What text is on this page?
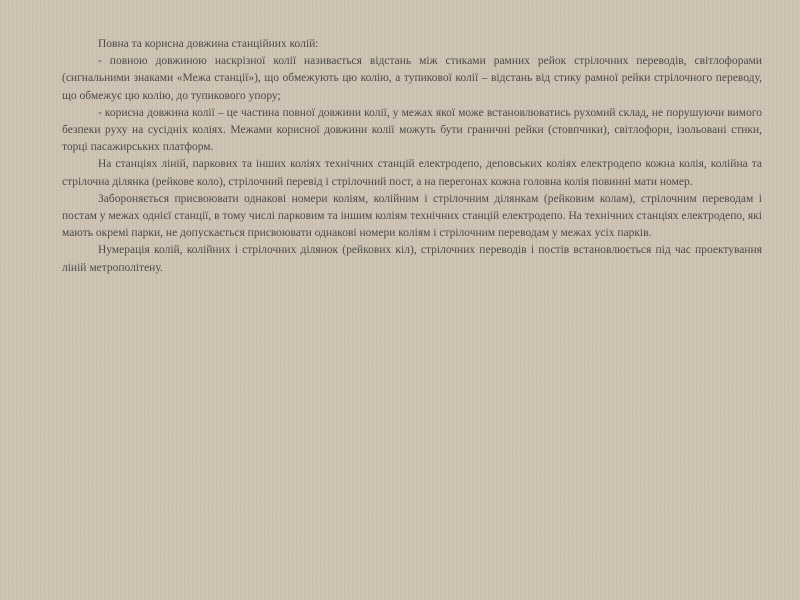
Повна та корисна довжина станційних колій:

- повною довжиною наскрізної колії називається відстань між стиками рамних рейок стрілочних переводів, світлофорами (сигнальними знаками «Межа станції»), що обмежують цю колію, а тупикової колії – відстань від стику рамної рейки стрілочного переводу, що обмежує цю колію, до тупикового упору;

- корисна довжина колії – це частина повної довжини колії, у межах якої може встановлюватись рухомий склад, не порушуючи вимого безпеки руху на сусідніх коліях. Межами корисної довжини колії можуть бути граничні рейки (стовпчики), світлофори, ізольовані стики, торці пасажирських платформ.

На станціях ліній, паркових та інших коліях технічних станцій електродепо, деповських коліях електродепо кожна колія, колійна та стрілочна ділянка (рейкове коло), стрілочний перевід і стрілочний пост, а на перегонах кожна головна колія повинні мати номер.

Забороняється присвоювати однакові номери коліям, колійним і стрілочним ділянкам (рейковим колам), стрілочним переводам і постам у межах однієї станції, в тому числі парковим та іншим коліям технічних станцій електродепо. На технічних станціях електродепо, які мають окремі парки, не допускається присвоювати однакові номери коліям і стрілочним переводам у межах усіх парків.

Нумерація колій, колійних і стрілочних ділянок (рейкових кіл), стрілочних переводів і постів встановлюється під час проектування ліній метрополітену.
